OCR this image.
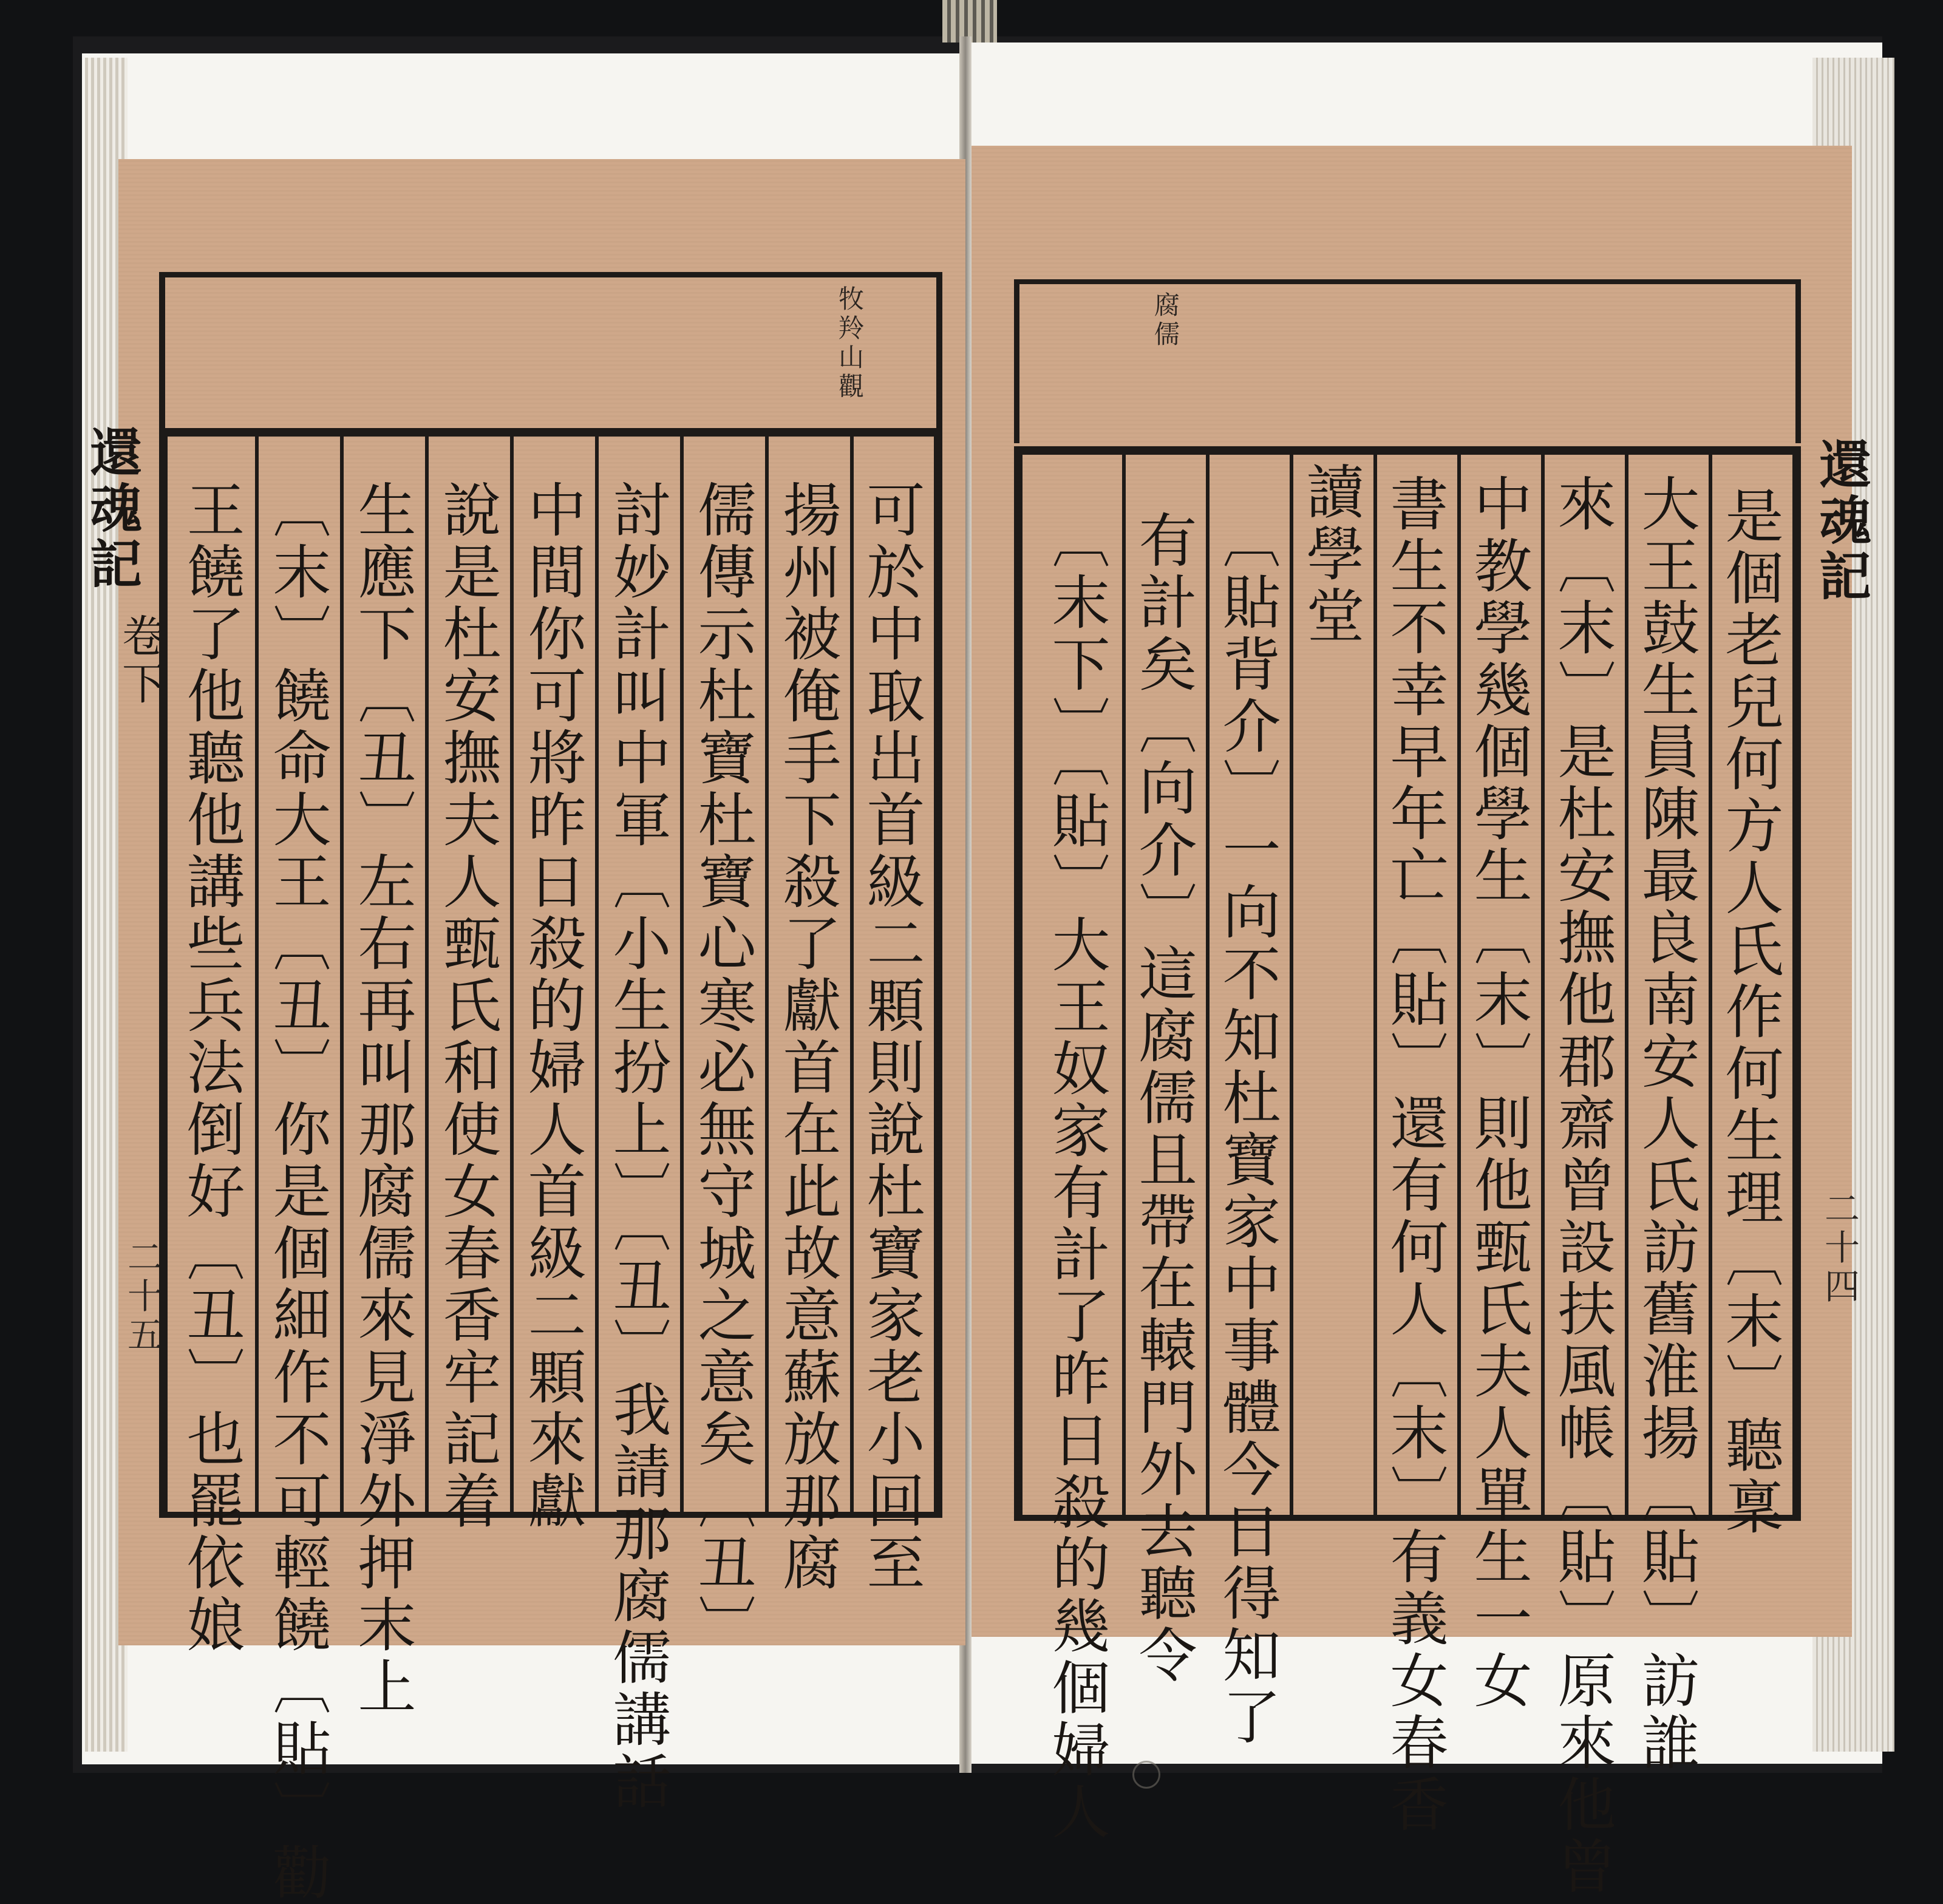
牧羚山觀
還魂記
卷下
二十五	可於中取出首級二顆則說杜寶家老小回至
揚州被俺手下殺了獻首在此故意蘇放那腐
儒傳示杜寶杜寶心寒必無守城之意矣〔丑〕
討妙計叫中軍〔小生扮上〕〔丑〕我請那腐儒講話
中間你可將昨日殺的婦人首級二顆來獻
說是杜安撫夫人甄氏和使女春香牢記着
生應下〔丑〕左右再叫那腐儒來見淨外押末上
〔末〕饒命大王〔丑〕你是個細作不可輕饒〔貼〕勸
王饒了他聽他講些兵法倒好〔丑〕也罷依娘
腐儒
還魂記
二十四
是個老兒何方人氏作何生理〔末〕聽稟
大王鼓生員陳最良南安人氏訪舊淮揚〔貼〕訪誰
來〔末〕是杜安撫他郡齋曾設扶風帳〔貼〕原來他曾
中教學幾個學生〔末〕則他甄氏夫人單生一女
書生不幸早年亡〔貼〕還有何人〔末〕有義女春香
讀學堂
〔貼背介〕一向不知杜寶家中事體今日得知了
有計矣〔向介〕這腐儒且帶在轅門外去聽令
〔末下〕〔貼〕大王奴家有計了昨日殺的幾個婦人
